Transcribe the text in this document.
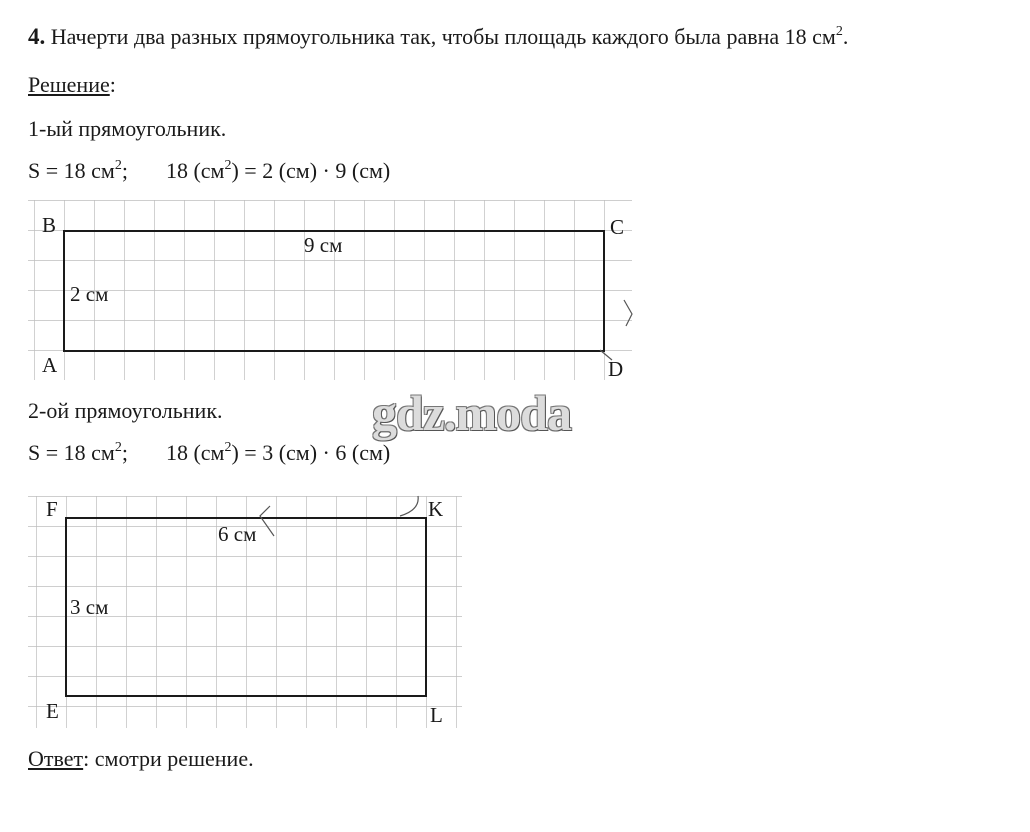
4. Начерти два разных прямоугольника так, чтобы площадь каждого была равна 18 $см^2$.
Решение:
1-ый прямоугольник.
S = 18 $см^2$; 18 $(см^2) = 2$ (см) · 9 (см)
B	C
A	D
9 см
2 см
gdz.moda
2-ой прямоугольник.
S = 18 $см^2$; 18 $(см^2) = 3$ (см) · 6 (см)
F	K
E	L
6 см
3 см
Ответ: смотри решение.
